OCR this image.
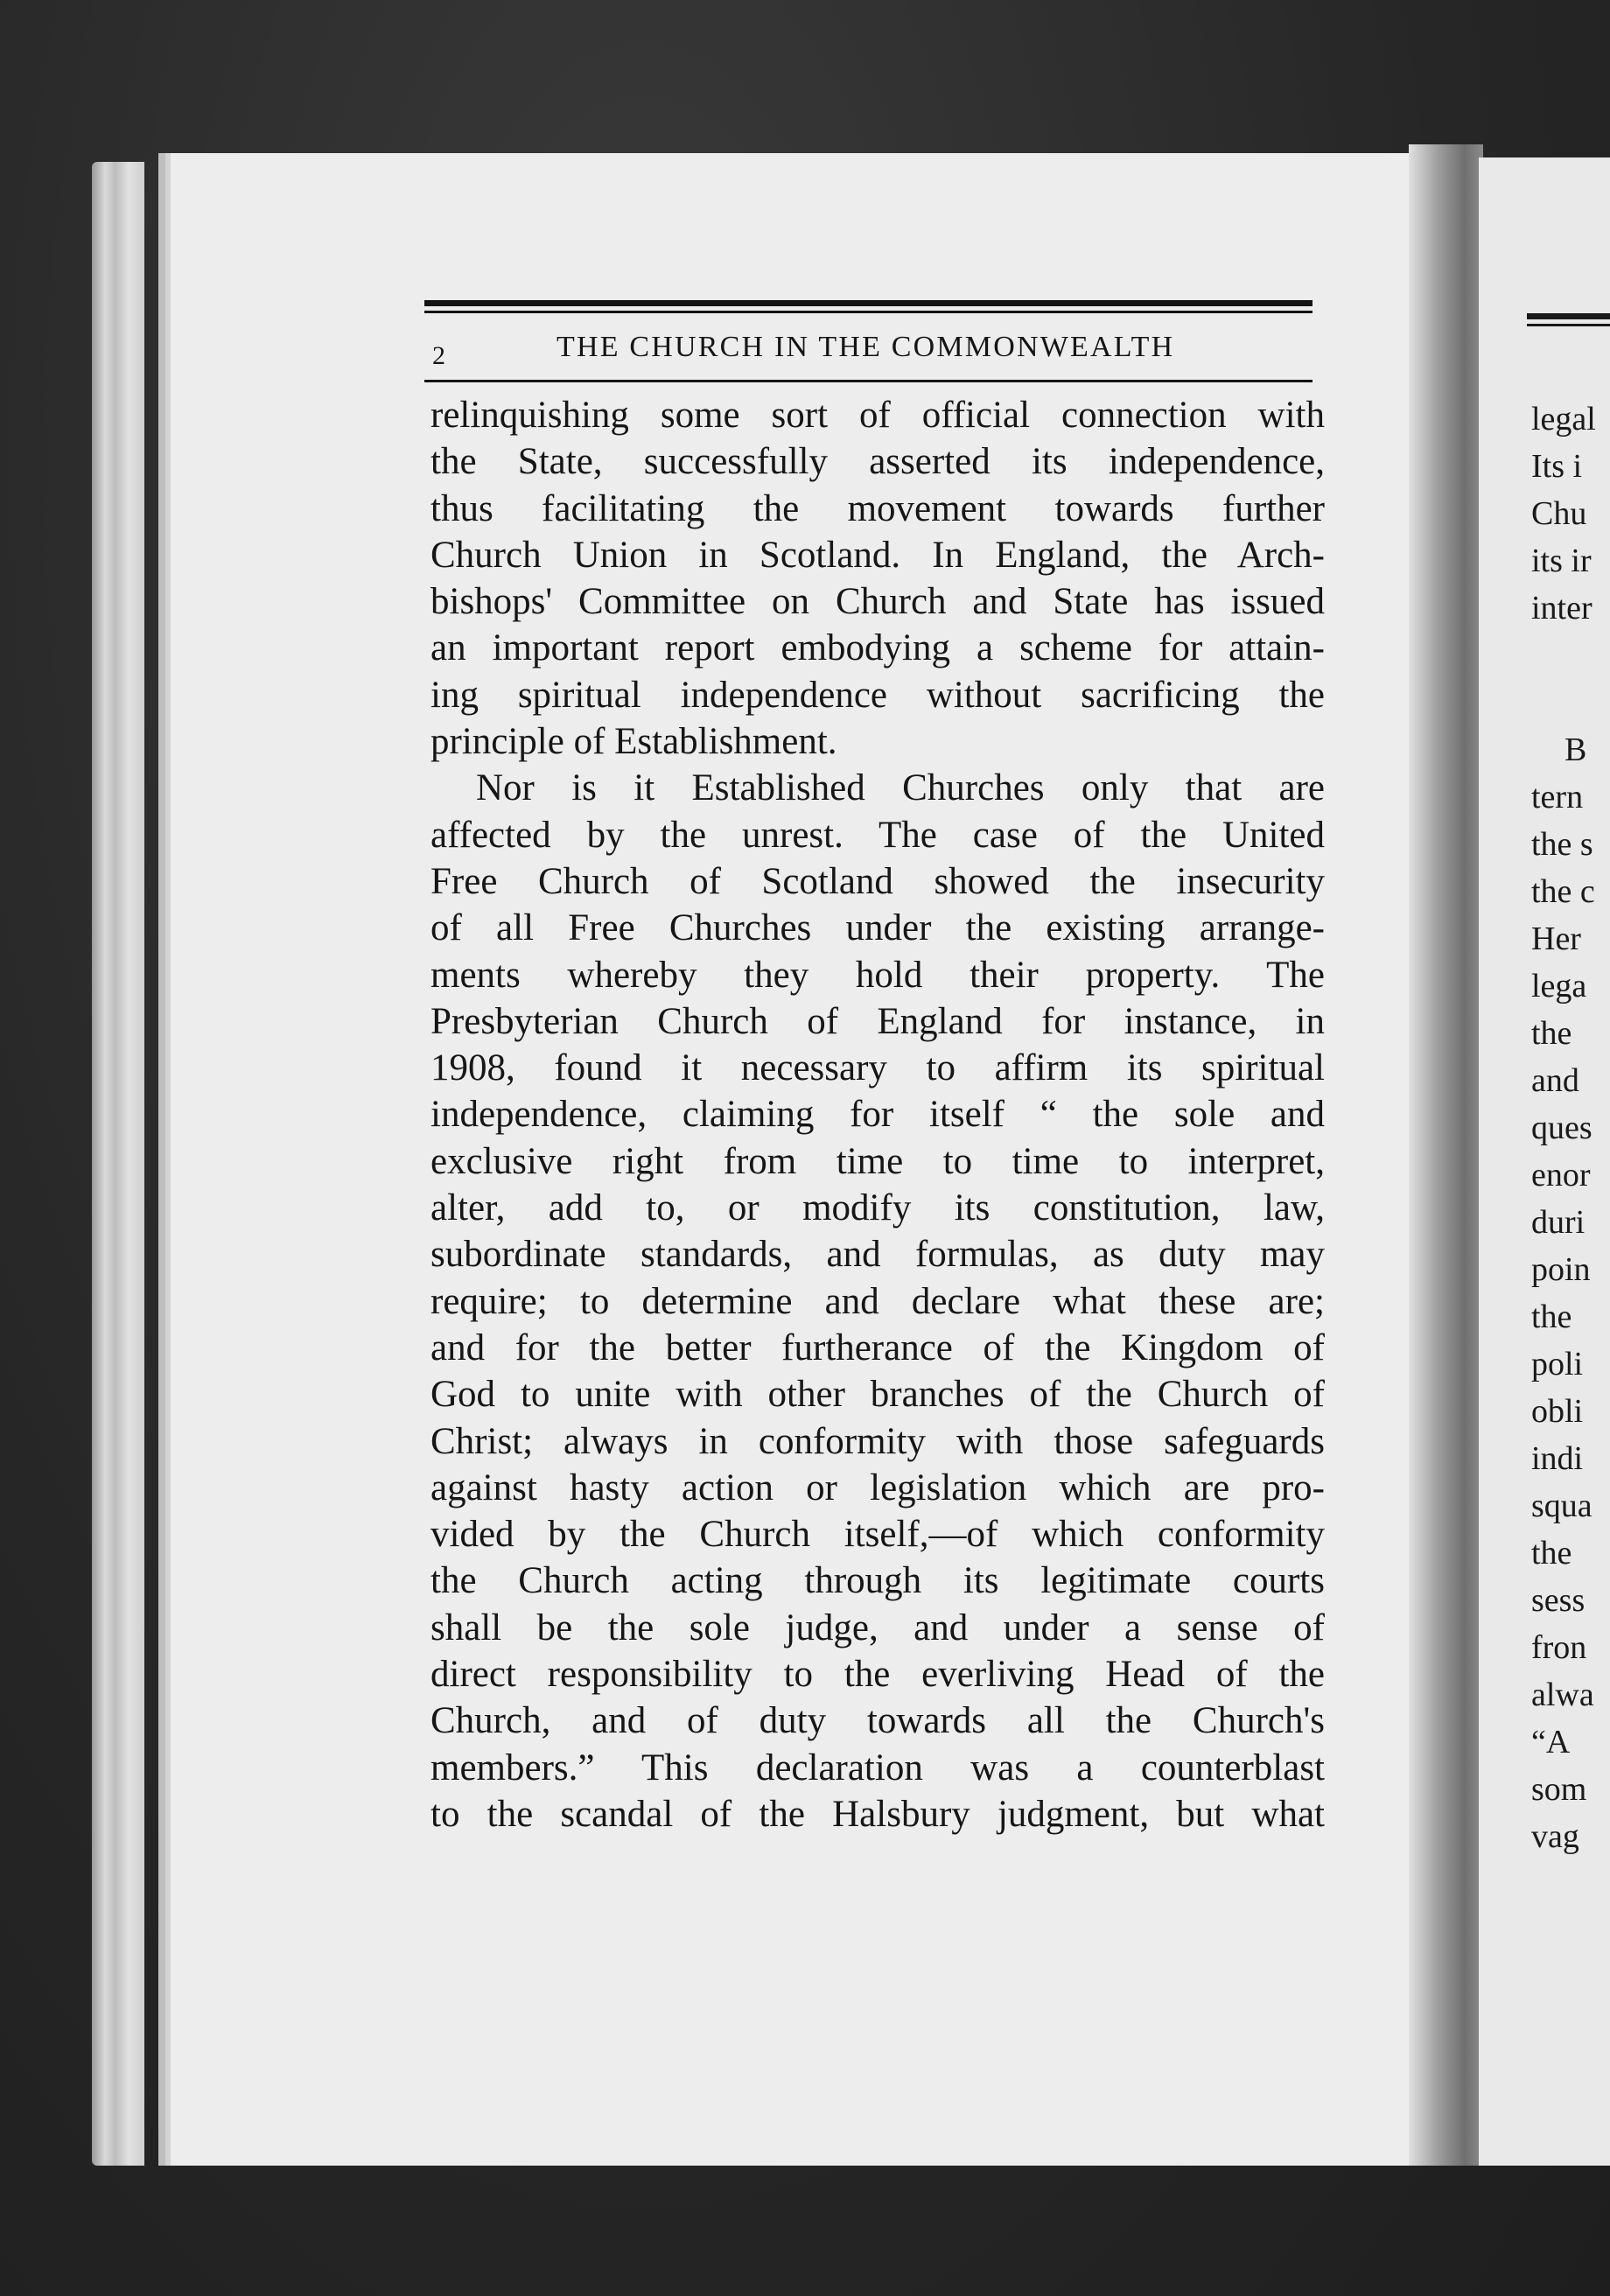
legal
Its i
Chu
its ir
inter
B
tern
the s
the c
Her
lega
the
and
ques
enor
duri
poin
the
poli
obli
indi
squa
the
sess
fron
alwa
“A
som
vag
2	THE CHURCH IN THE COMMONWEALTH
relinquishing some sort of official connection with
the State, successfully asserted its independence,
thus facilitating the movement towards further
Church Union in Scotland. In England, the Arch-
bishops' Committee on Church and State has issued
an important report embodying a scheme for attain-
ing spiritual independence without sacrificing the
principle of Establishment.
Nor is it Established Churches only that are
affected by the unrest. The case of the United
Free Church of Scotland showed the insecurity
of all Free Churches under the existing arrange-
ments whereby they hold their property. The
Presbyterian Church of England for instance, in
1908, found it necessary to affirm its spiritual
independence, claiming for itself “ the sole and
exclusive right from time to time to interpret,
alter, add to, or modify its constitution, law,
subordinate standards, and formulas, as duty may
require; to determine and declare what these are;
and for the better furtherance of the Kingdom of
God to unite with other branches of the Church of
Christ; always in conformity with those safeguards
against hasty action or legislation which are pro-
vided by the Church itself,—of which conformity
the Church acting through its legitimate courts
shall be the sole judge, and under a sense of
direct responsibility to the everliving Head of the
Church, and of duty towards all the Church's
members.” This declaration was a counterblast
to the scandal of the Halsbury judgment, but what
